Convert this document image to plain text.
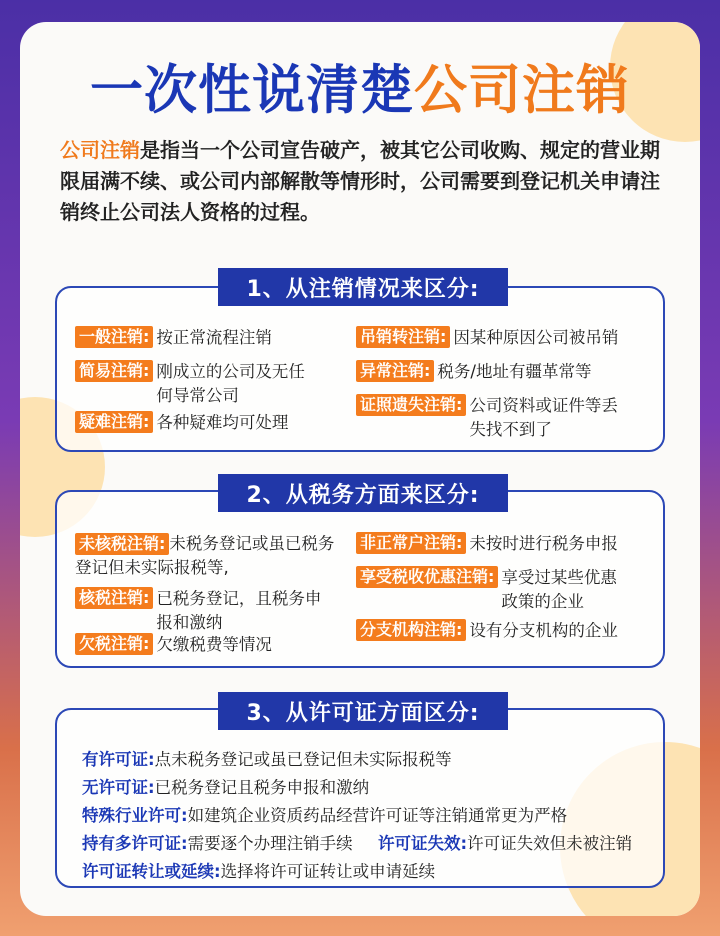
一次性说清楚公司注销
公司注销是指当一个公司宣告破产，被其它公司收购、规定的营业期限届满不续、或公司内部解散等情形时，公司需要到登记机关申请注销终止公司法人资格的过程。
1、从注销情况来区分:
一般注销: 按正常流程注销
简易注销: 刚成立的公司及无任何导常公司
疑难注销: 各种疑难均可处理
吊销转注销: 因某种原因公司被吊销
异常注销: 税务/地址有疆革常等
证照遗失注销: 公司资料或证件等丢失找不到了
2、从税务方面来区分:
未核税注销: 未税务登记或虽已税务登记但未实际报税等,
核税注销: 已税务登记，且税务申报和激纳
欠税注销: 欠缴税费等情况
非正常户注销: 未按时进行税务申报
享受税收优惠注销: 享受过某些优惠政策的企业
分支机构注销: 设有分支机构的企业
3、从许可证方面区分:
有许可证:点未税务登记或虽已登记但未实际报税等
无许可证:已税务登记且税务申报和激纳
特殊行业许可:如建筑企业资质药品经营许可证等注销通常更为严格
持有多许可证:需要逐个办理注销手续 许可证失效:许可证失效但未被注销
许可证转让或延续:选择将许可证转让或申请延续
